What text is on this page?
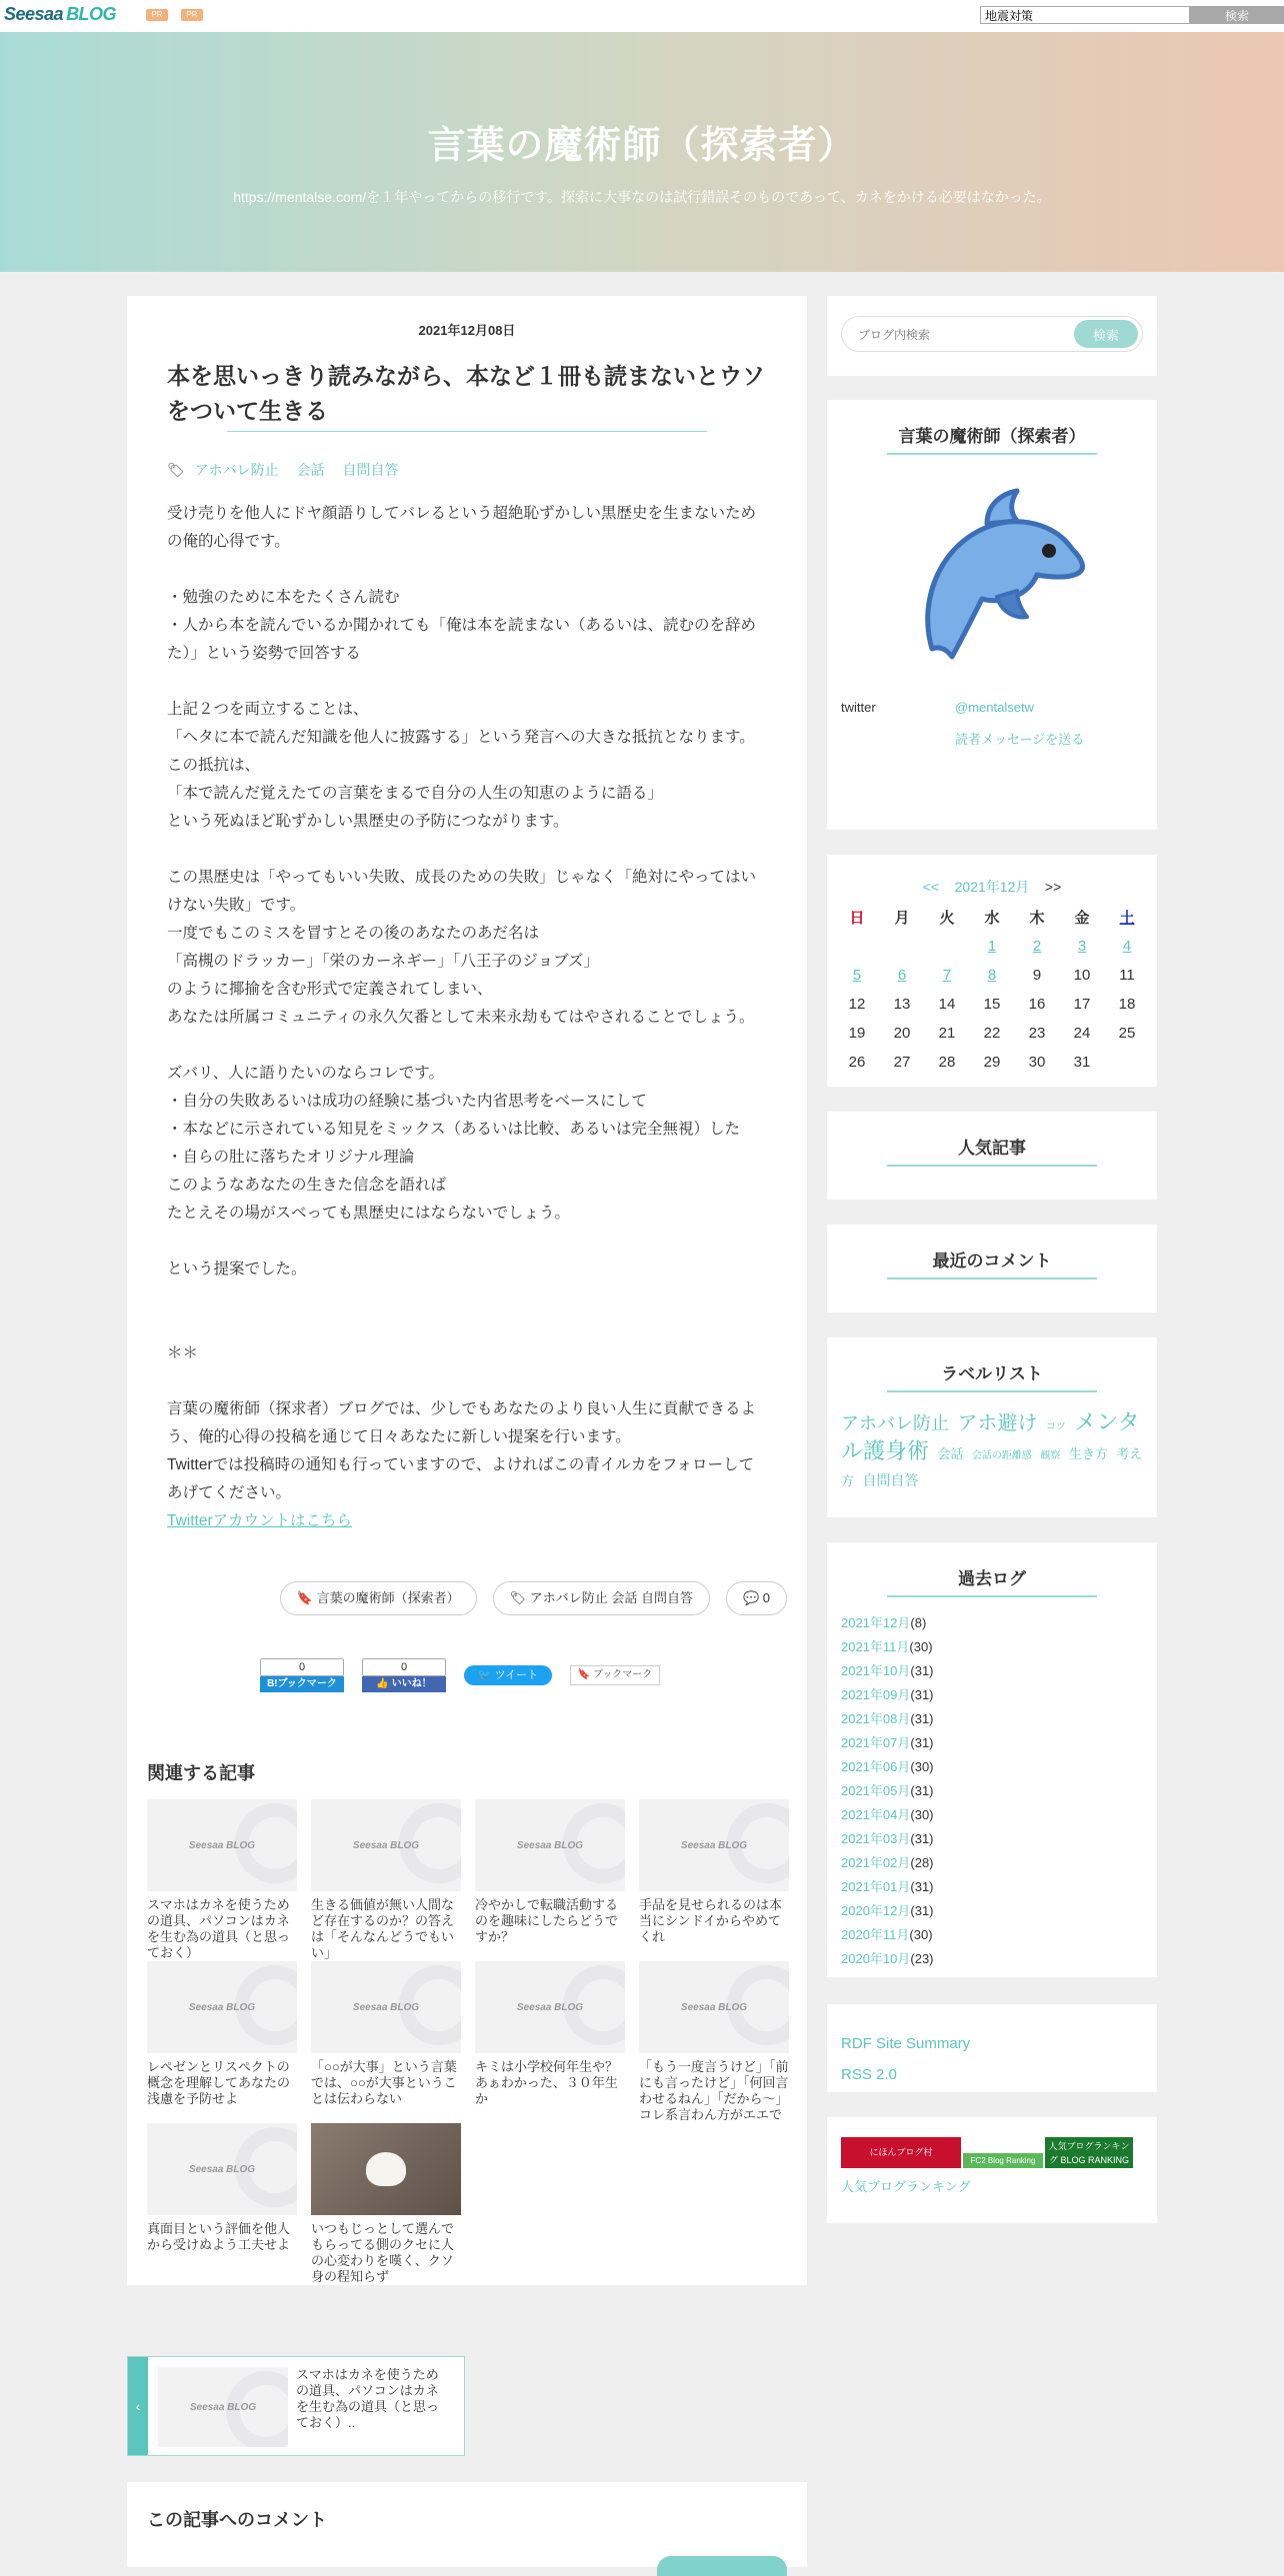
Seesaa BLOG	PR	PR
地震対策	検索
言葉の魔術師（探索者）

https://mentalse.com/を１年やってからの移行です。探索に大事なのは試行錯誤そのものであって、カネをかける必要はなかった。

2021年12月08日
本を思いっきり読みながら、本など１冊も読まないとウソをついて生きる
🏷 アホバレ防止 会話 自問自答

受け売りを他人にドヤ顔語りしてバレるという超絶恥ずかしい黒歴史を生まないための俺的心得です。

・勉強のために本をたくさん読む

・人から本を読んでいるか聞かれても「俺は本を読まない（あるいは、読むのを辞めた）」という姿勢で回答する

上記２つを両立することは、

「ヘタに本で読んだ知識を他人に披露する」という発言への大きな抵抗となります。

この抵抗は、

「本で読んだ覚えたての言葉をまるで自分の人生の知恵のように語る」

という死ぬほど恥ずかしい黒歴史の予防につながります。

この黒歴史は「やってもいい失敗、成長のための失敗」じゃなく「絶対にやってはいけない失敗」です。

一度でもこのミスを冒すとその後のあなたのあだ名は

「高槻のドラッカー」「栄のカーネギー」「八王子のジョブズ」

のように揶揄を含む形式で定義されてしまい、

あなたは所属コミュニティの永久欠番として未来永劫もてはやされることでしょう。

ズバリ、人に語りたいのならコレです。

・自分の失敗あるいは成功の経験に基づいた内省思考をベースにして

・本などに示されている知見をミックス（あるいは比較、あるいは完全無視）した

・自らの肚に落ちたオリジナル理論

このようなあなたの生きた信念を語れば

たとえその場がスベっても黒歴史にはならないでしょう。

という提案でした。

＊＊

言葉の魔術師（探求者）ブログでは、少しでもあなたのより良い人生に貢献できるよう、俺的心得の投稿を通じて日々あなたに新しい提案を行います。

Twitterでは投稿時の通知も行っていますので、よければこの青イルカをフォローしてあげてください。

Twitterアカウントはこちら
🔖 言葉の魔術師（探索者）	🏷 アホバレ防止 会話 自問自答	💬 0
0
B!ブックマーク
0
👍 いいね！
🐦 ツイート	🔖 ブックマーク
関連する記事
Seesaa BLOG
スマホはカネを使うための道具、パソコンはカネを生む為の道具（と思っておく）
Seesaa BLOG
生きる価値が無い人間など存在するのか？の答えは「そんなんどうでもいい」
Seesaa BLOG
冷やかしで転職活動するのを趣味にしたらどうですか？
Seesaa BLOG
手品を見せられるのは本当にシンドイからやめてくれ
Seesaa BLOG
レペゼンとリスペクトの概念を理解してあなたの浅慮を予防せよ
Seesaa BLOG
「○○が大事」という言葉では、○○が大事ということは伝わらない
Seesaa BLOG
キミは小学校何年生や？あぁわかった、３０年生か
Seesaa BLOG
「もう一度言うけど」「前にも言ったけど」「何回言わせるねん」「だから～」コレ系言わん方がエエで
Seesaa BLOG
真面目という評価を他人から受けぬよう工夫せよ
いつもじっとして選んでもらってる側のクセに人の心変わりを嘆く、クソ身の程知らず
‹	Seesaa BLOG
スマホはカネを使うための道具、パソコンはカネを生む為の道具（と思っておく）..
この記事へのコメント
ブログ内検索
検索
言葉の魔術師（探索者）
twitter	@mentalsetw
読者メッセージを送る
<< 2021年12月 >>
日	月	火	水	木	金	土
			1	2	3	4
5	6	7	8	9	10	11
12	13	14	15	16	17	18
19	20	21	22	23	24	25
26	27	28	29	30	31	
人気記事
最近のコメント
ラベルリスト
アホバレ防止 アホ避け コツ メンタル護身術 会話 会話の距離感 観察 生き方 考え方 自問自答
過去ログ
2021年12月(8)
2021年11月(30)
2021年10月(31)
2021年09月(31)
2021年08月(31)
2021年07月(31)
2021年06月(30)
2021年05月(31)
2021年04月(30)
2021年03月(31)
2021年02月(28)
2021年01月(31)
2020年12月(31)
2020年11月(30)
2020年10月(23)
RDF Site Summary
RSS 2.0
にほんブログ村
FC2 Blog Ranking
人気ブログランキング BLOG RANKING
人気ブログランキング
